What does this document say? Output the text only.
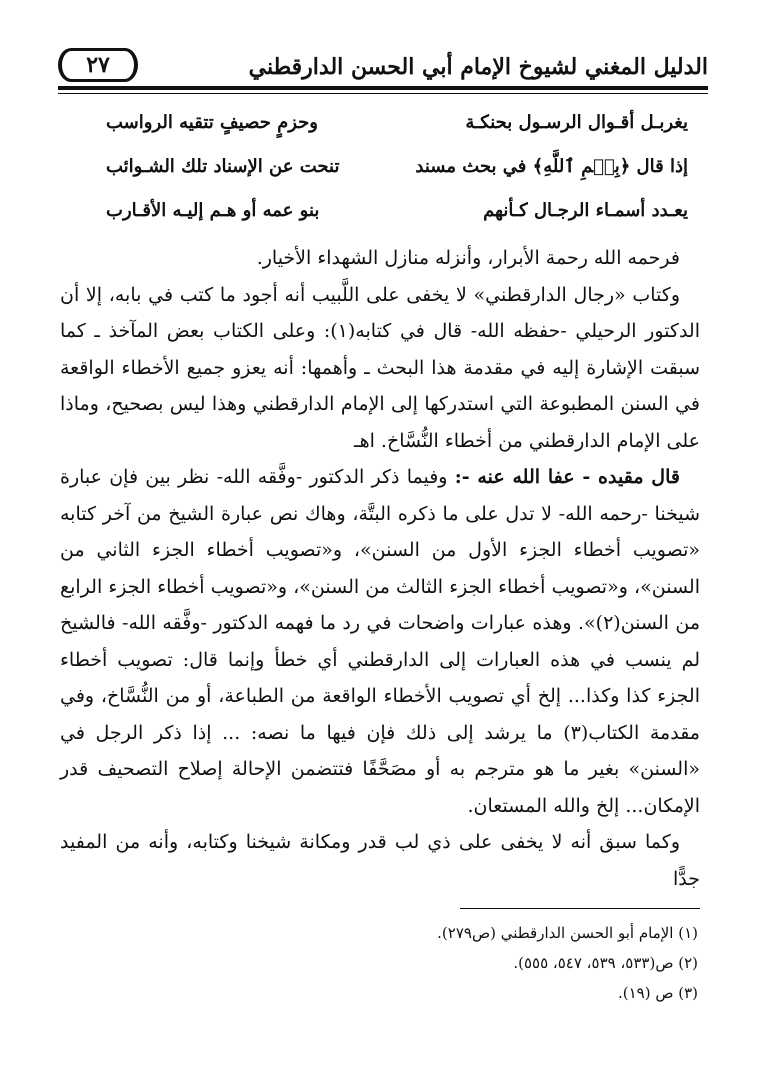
الدليل المغني لشيوخ الإمام أبي الحسن الدارقطني
٢٧
يغربـل أقـوال الرسـول بحنكـة
وحزمٍ حصيفٍ تتقيه الرواسب
إذا قال ﴿بِسۡمِ ٱللَّهِ﴾ في بحث مسند
تنحت عن الإسناد تلك الشـوائب
يعـدد أسمـاء الرجـال كـأنهم
بنو عمه أو هـم إليـه الأقـارب

فرحمه الله رحمة الأبرار، وأنزله منازل الشهداء الأخيار.

وكتاب «رجال الدارقطني» لا يخفى على اللَّبيب أنه أجود ما كتب في بابه، إلا أن الدكتور الرحيلي -حفظه الله- قال في كتابه(١): وعلى الكتاب بعض المآخذ ـ كما سبقت الإشارة إليه في مقدمة هذا البحث ـ وأهمها: أنه يعزو جميع الأخطاء الواقعة في السنن المطبوعة التي استدركها إلى الإمام الدارقطني وهذا ليس بصحيح، وماذا على الإمام الدارقطني من أخطاء النُّسَّاخ. اهـ

قال مقيده - عفا الله عنه -: وفيما ذكر الدكتور -وفَّقه الله- نظر بين فإن عبارة شيخنا -رحمه الله- لا تدل على ما ذكره البتَّة، وهاك نص عبارة الشيخ من آخر كتابه «تصويب أخطاء الجزء الأول من السنن»، و«تصويب أخطاء الجزء الثاني من السنن»، و«تصويب أخطاء الجزء الثالث من السنن»، و«تصويب أخطاء الجزء الرابع من السنن(٢)». وهذه عبارات واضحات في رد ما فهمه الدكتور -وفَّقه الله- فالشيخ لم ينسب في هذه العبارات إلى الدارقطني أي خطأ وإنما قال: تصويب أخطاء الجزء كذا وكذا... إلخ أي تصويب الأخطاء الواقعة من الطباعة، أو من النُّسَّاخ، وفي مقدمة الكتاب(٣) ما يرشد إلى ذلك فإن فيها ما نصه: ... إذا ذكر الرجل في «السنن» بغير ما هو مترجم به أو مصَحَّفًا فتتضمن الإحالة إصلاح التصحيف قدر الإمكان... إلخ والله المستعان.

وكما سبق أنه لا يخفى على ذي لب قدر ومكانة شيخنا وكتابه، وأنه من المفيد جدًّا

(١) الإمام أبو الحسن الدارقطني (ص٢٧٩).
(٢) ص(٥٣٣، ٥٣٩، ٥٤٧، ٥٥٥).
(٣) ص (١٩).
